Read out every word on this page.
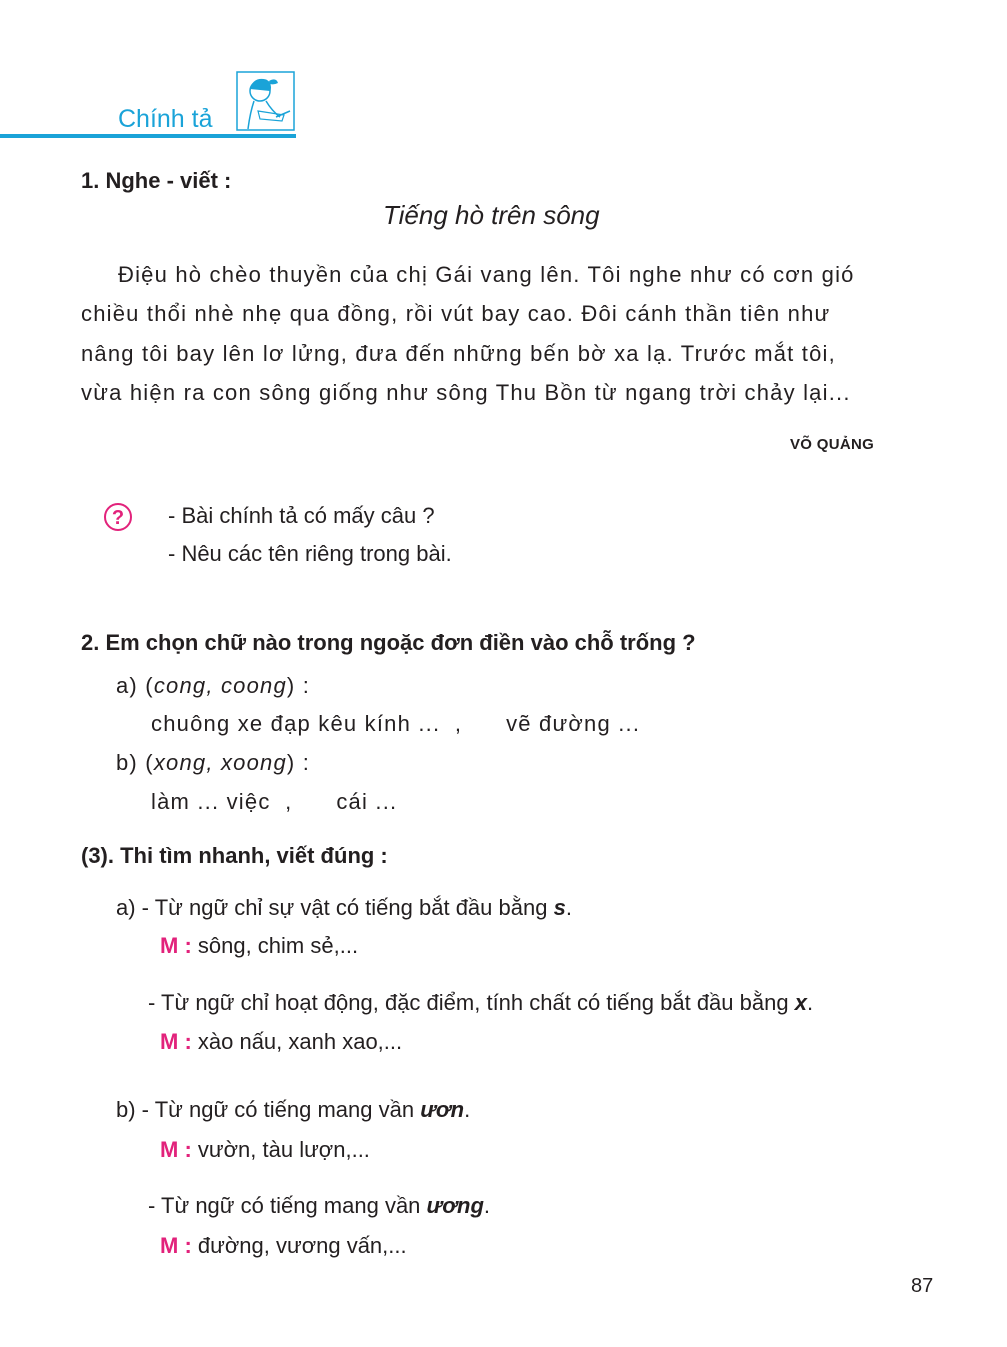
Chính tả
1. Nghe - viết :
Tiếng hò trên sông
Điệu hò chèo thuyền của chị Gái vang lên. Tôi nghe như có cơn gió
chiều thổi nhè nhẹ qua đồng, rồi vút bay cao. Đôi cánh thần tiên như
nâng tôi bay lên lơ lửng, đưa đến những bến bờ xa lạ. Trước mắt tôi,
vừa hiện ra con sông giống như sông Thu Bồn từ ngang trời chảy lại...
VÕ QUẢNG
? - Bài chính tả có mấy câu ?
- Nêu các tên riêng trong bài.
2. Em chọn chữ nào trong ngoặc đơn điền vào chỗ trống ?
a) (cong, coong) :
chuông xe đạp kêu kính ...  ,      vẽ đường ...
b) (xong, xoong) :
làm ... việc  ,      cái ...
(3). Thi tìm nhanh, viết đúng :
a) - Từ ngữ chỉ sự vật có tiếng bắt đầu bằng s.
M : sông, chim sẻ,...
- Từ ngữ chỉ hoạt động, đặc điểm, tính chất có tiếng bắt đầu bằng x.
M : xào nấu, xanh xao,...
b) - Từ ngữ có tiếng mang vần ươn.
M : vườn, tàu lượn,...
- Từ ngữ có tiếng mang vần ương.
M : đường, vương vấn,...
87
